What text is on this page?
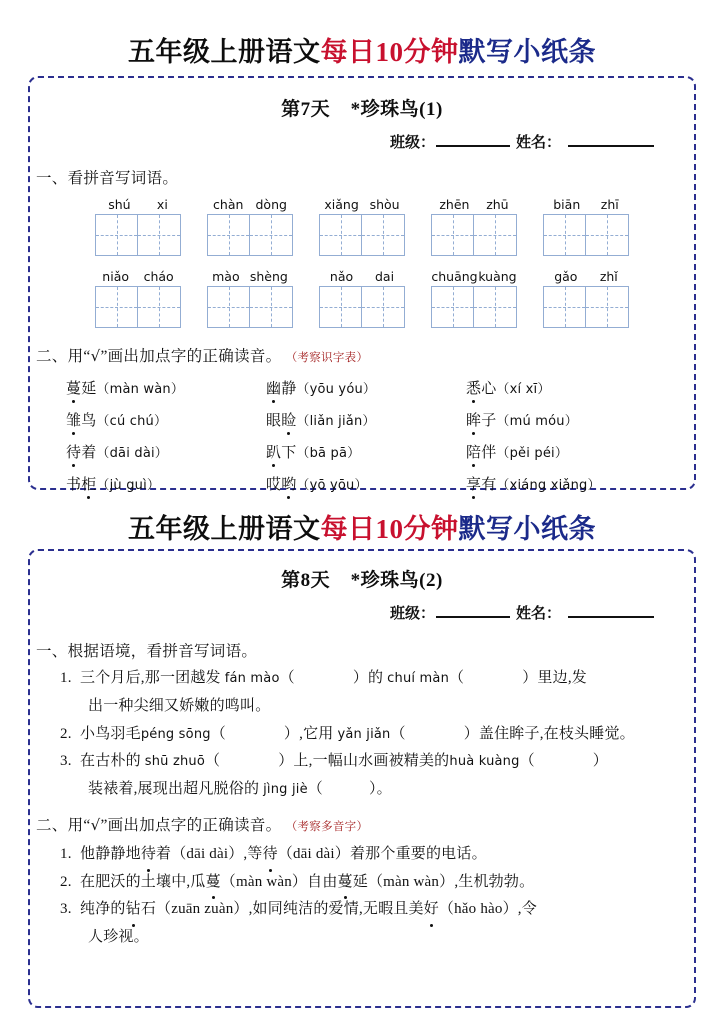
五年级上册语文每日10分钟默写小纸条
第7天 *珍珠鸟(1)
班级：	姓名：
一、看拼音写词语。
shú xi	chàn dòng	xiǎng shòu	zhēn zhū	biān zhī
niǎo cháo	mào shèng	nǎo dai	chuāng kuàng	gǎo zhǐ
二、用“√”画出加点字的正确读音。 （考察识字表）
蔓延（màn wàn）	幽静（yōu yóu）	悉心（xí xī）
雏鸟（cú chú）	眼睑（liǎn jiǎn）	眸子（mú móu）
待着（dāi dài）	趴下（bā pā）	陪伴（pěi péi）
书柜（jù guì）	哎哟（yō yōu）	享有（xiáng xiǎng）
五年级上册语文每日10分钟默写小纸条
第8天 *珍珠鸟(2)
班级：	姓名：
一、根据语境，看拼音写词语。
1. 三个月后,那一团越发 fán mào（	）的 chuí màn（	）里边,发
出一种尖细又娇嫩的鸣叫。
2. 小鸟羽毛péng sōng（	）,它用 yǎn jiǎn（	）盖住眸子,在枝头睡觉。
3. 在古朴的 shū zhuō（	）上,一幅山水画被精美的huà kuàng（	）
装裱着,展现出超凡脱俗的 jìng jiè（	）。
二、用“√”画出加点字的正确读音。 （考察多音字）
1. 他静静地待着（dāi dài）,等待（dāi dài）着那个重要的电话。
2. 在肥沃的土壤中,瓜蔓（màn wàn）自由蔓延（màn wàn）,生机勃勃。
3. 纯净的钻石（zuān zuàn）,如同纯洁的爱情,无暇且美好（hǎo hào）,令
人珍视。
